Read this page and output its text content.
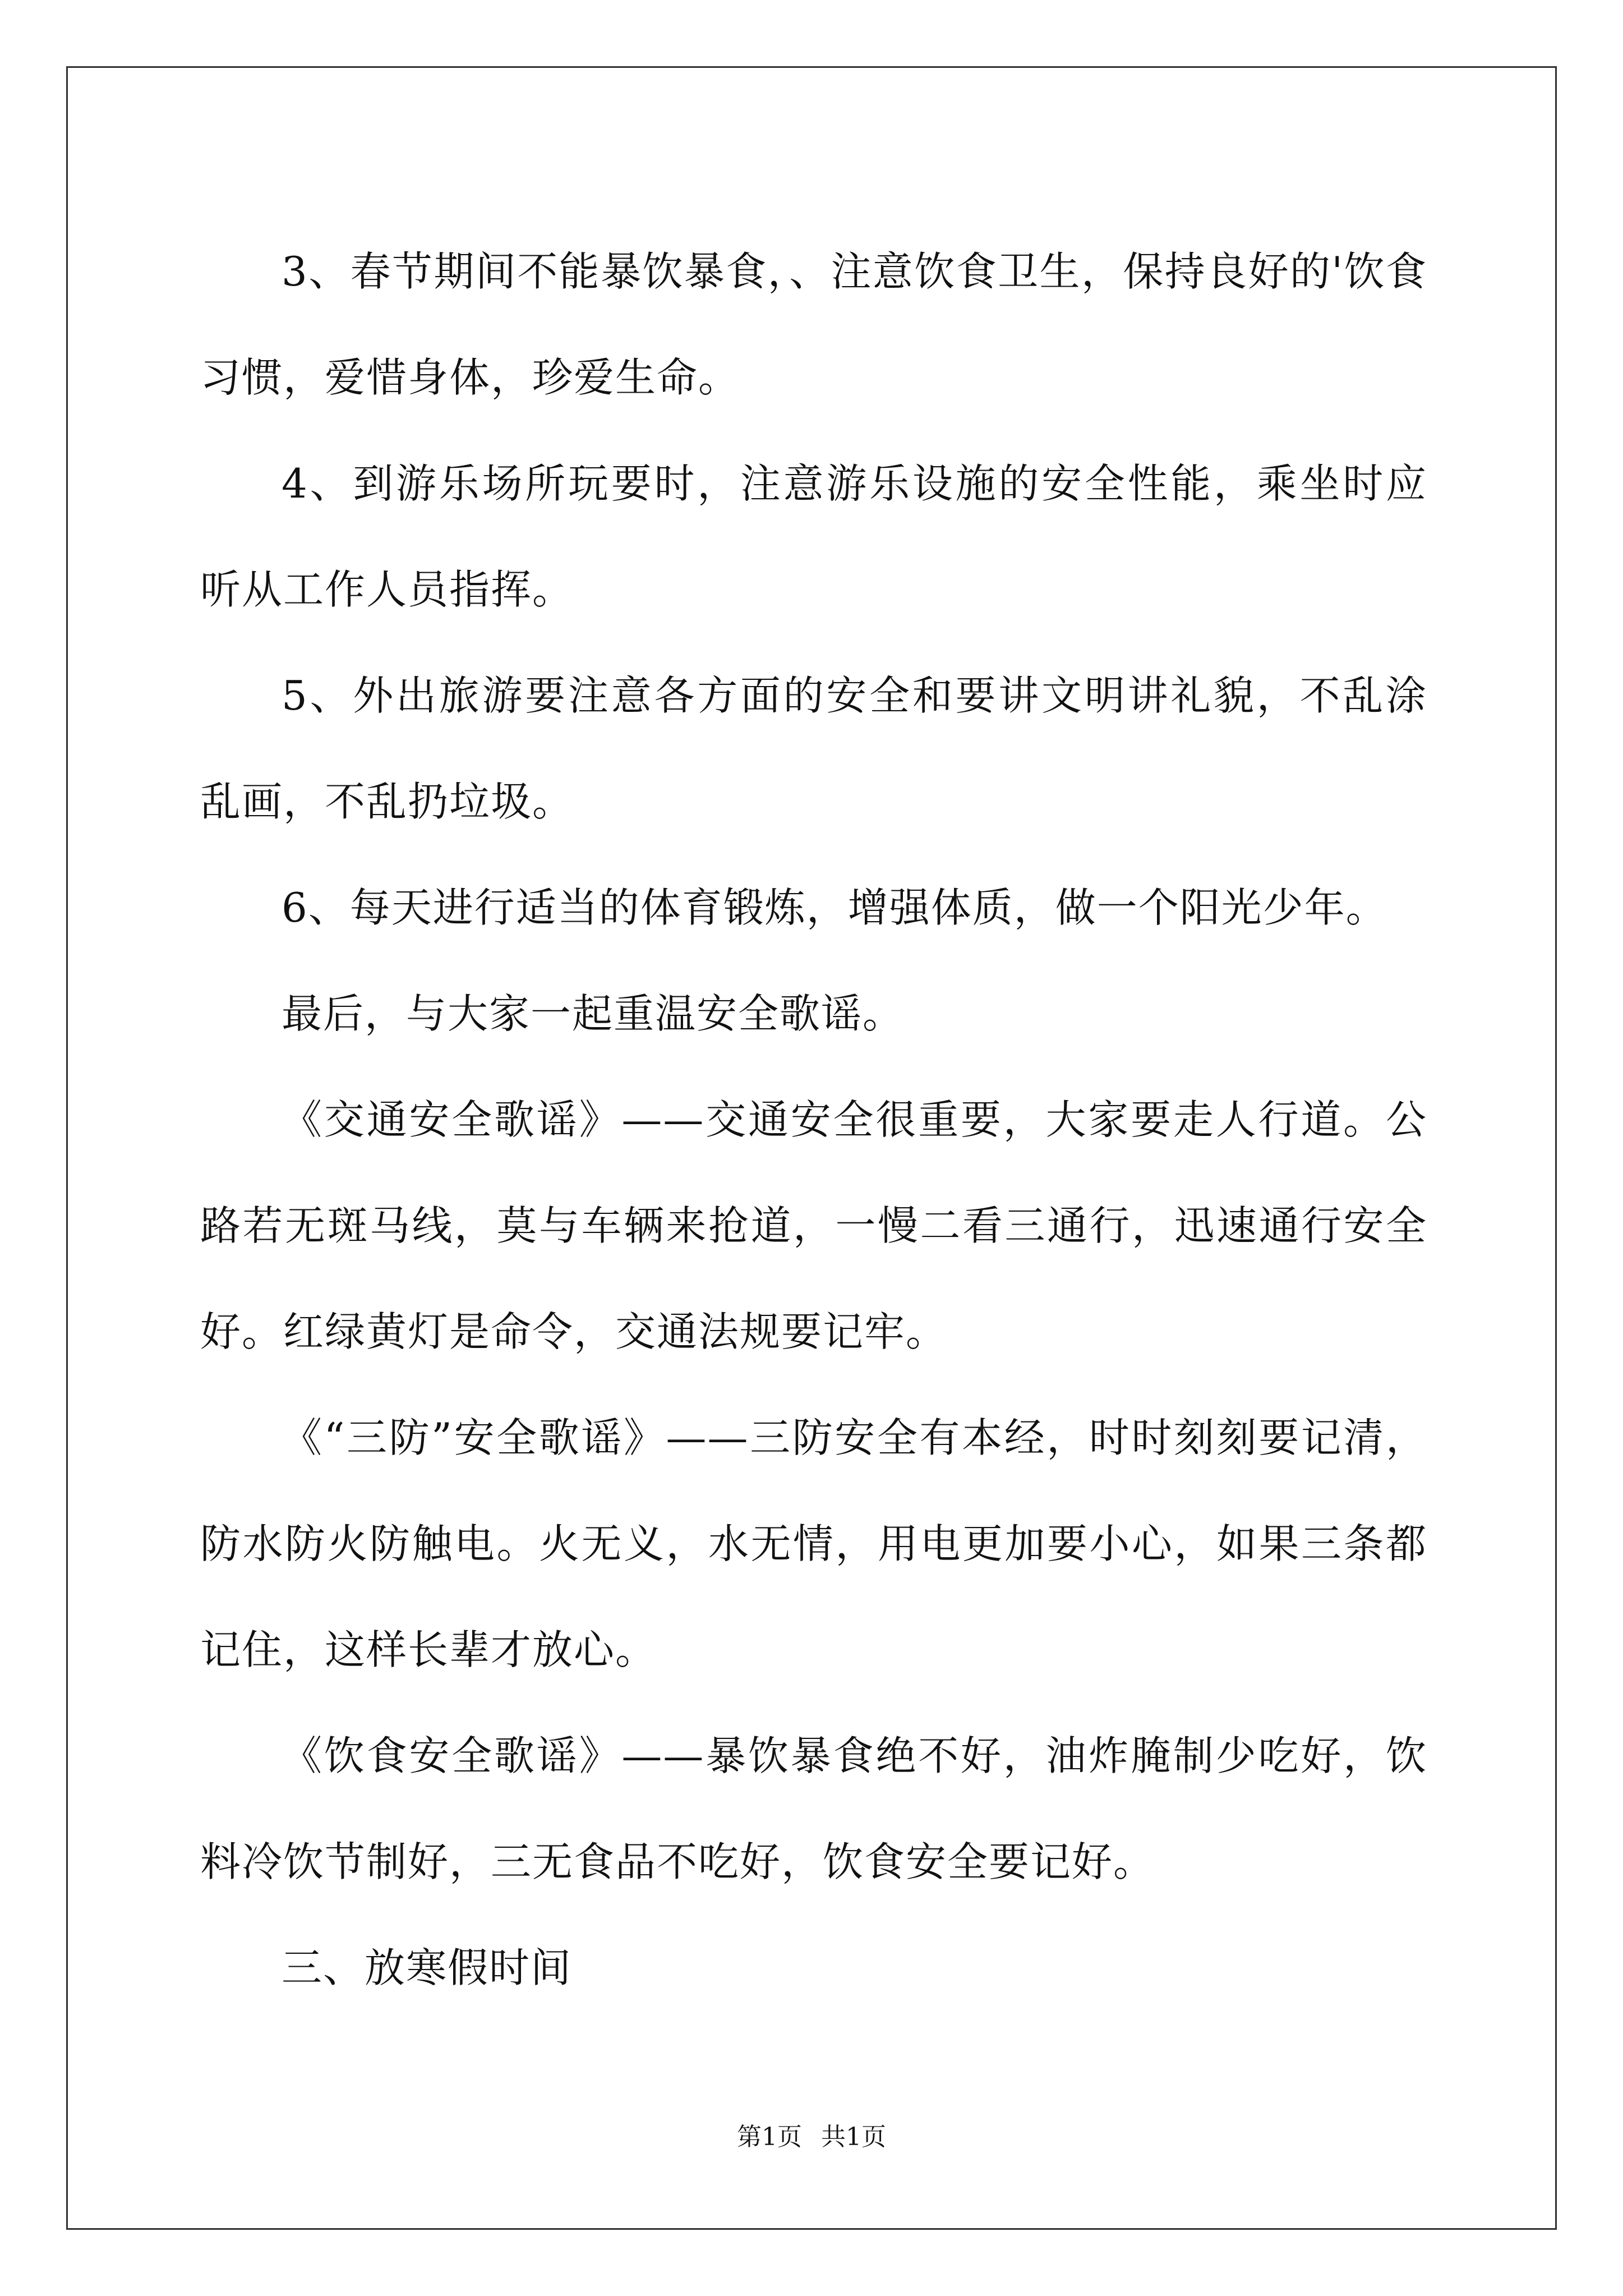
3、春节期间不能暴饮暴食，、注意饮食卫生，保持良好的'饮食习惯，爱惜身体，珍爱生命。

4、到游乐场所玩要时，注意游乐设施的安全性能，乘坐时应听从工作人员指挥。

5、外出旅游要注意各方面的安全和要讲文明讲礼貌，不乱涂乱画，不乱扔垃圾。

6、每天进行适当的体育锻炼，增强体质，做一个阳光少年。

最后，与大家一起重温安全歌谣。

《交通安全歌谣》——交通安全很重要，大家要走人行道。公路若无斑马线，莫与车辆来抢道，一慢二看三通行，迅速通行安全好。红绿黄灯是命令，交通法规要记牢。

《“三防”安全歌谣》——三防安全有本经，时时刻刻要记清，防水防火防触电。火无义，水无情，用电更加要小心，如果三条都记住，这样长辈才放心。

《饮食安全歌谣》——暴饮暴食绝不好，油炸腌制少吃好，饮料冷饮节制好，三无食品不吃好，饮食安全要记好。

三、放寒假时间

第1页 共1页
